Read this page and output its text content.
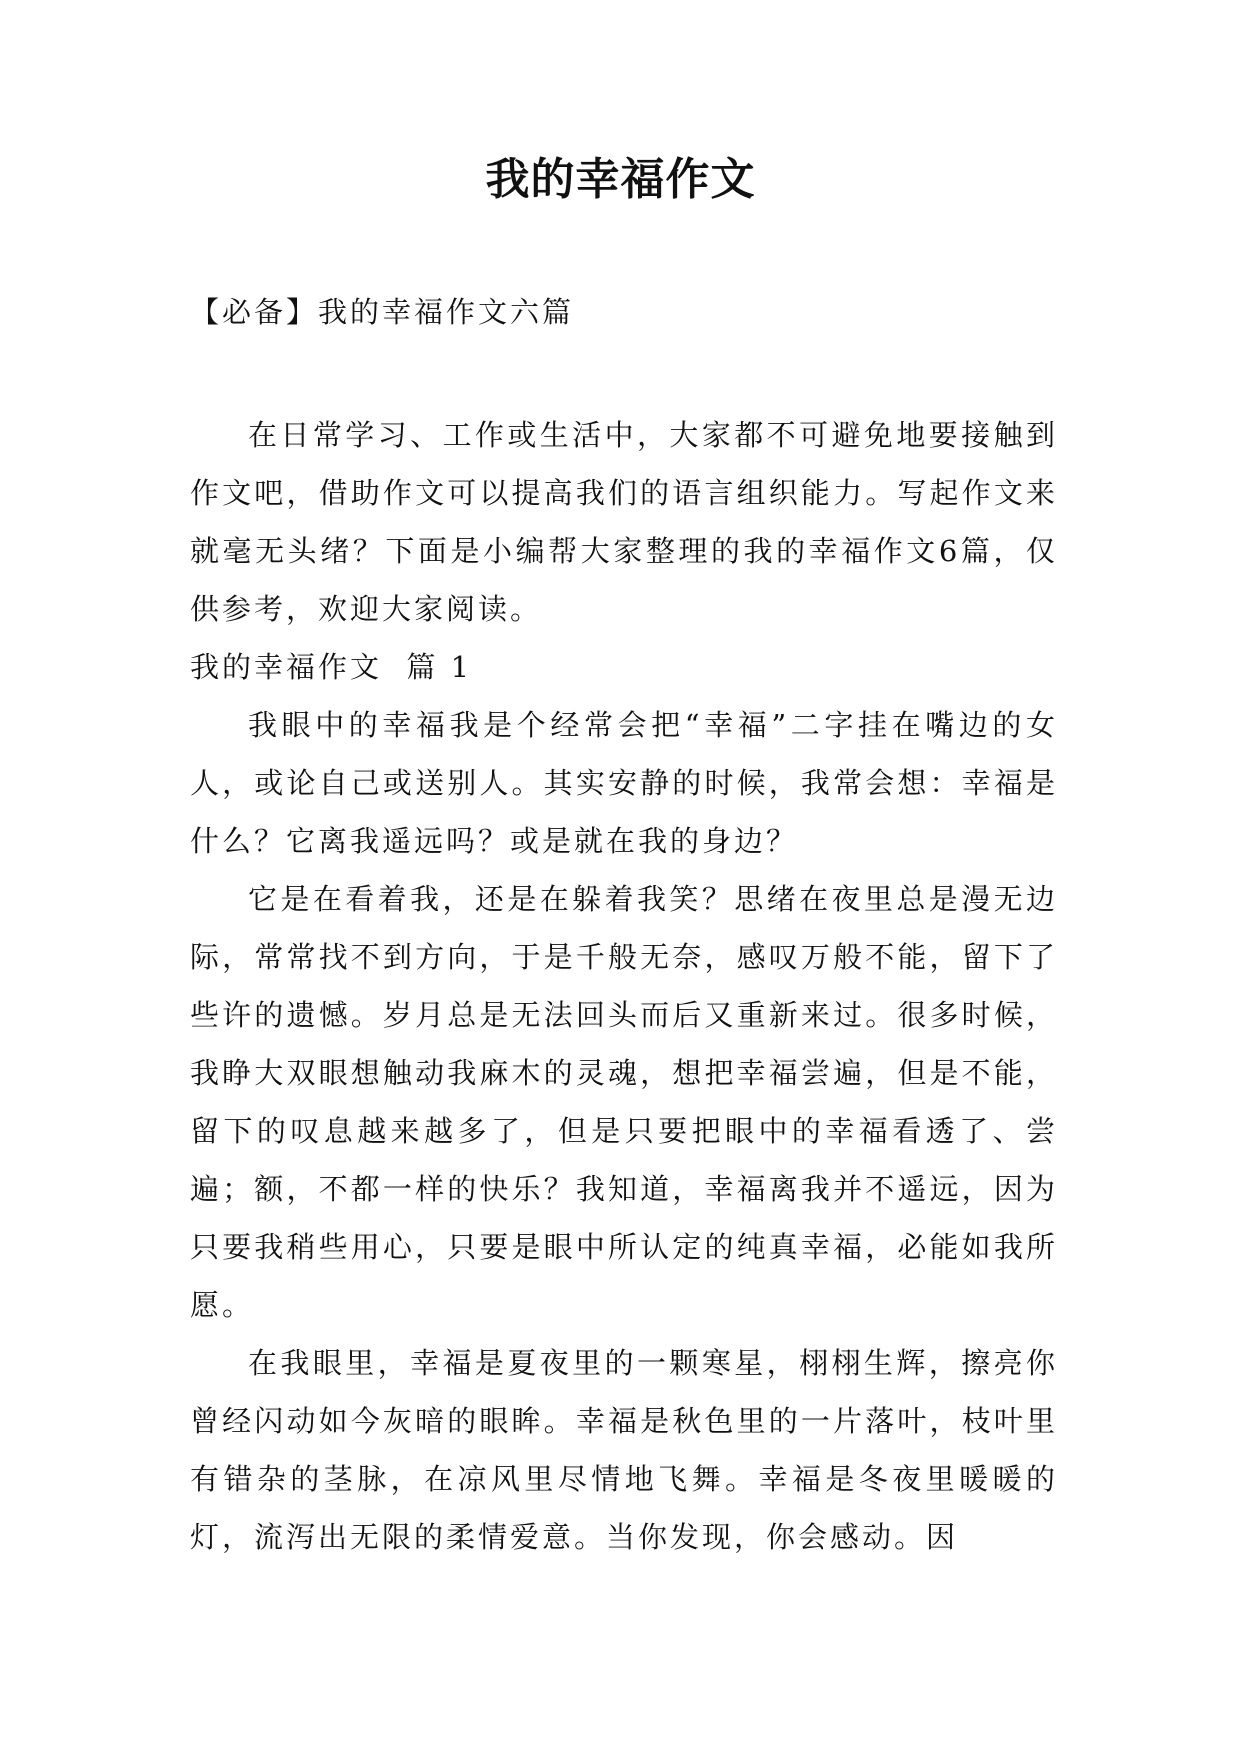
我的幸福作文
【必备】我的幸福作文六篇

在日常学习、工作或生活中，大家都不可避免地要接触到作文吧，借助作文可以提高我们的语言组织能力。写起作文来就毫无头绪？下面是小编帮大家整理的我的幸福作文6篇，仅供参考，欢迎大家阅读。

我的幸福作文  篇 1

我眼中的幸福我是个经常会把“幸福”二字挂在嘴边的女人，或论自己或送别人。其实安静的时候，我常会想：幸福是什么？它离我遥远吗？或是就在我的身边？

它是在看着我，还是在躲着我笑？思绪在夜里总是漫无边际，常常找不到方向，于是千般无奈，感叹万般不能，留下了些许的遗憾。岁月总是无法回头而后又重新来过。很多时候，我睁大双眼想触动我麻木的灵魂，想把幸福尝遍，但是不能，留下的叹息越来越多了，但是只要把眼中的幸福看透了、尝遍；额，不都一样的快乐？我知道，幸福离我并不遥远，因为只要我稍些用心，只要是眼中所认定的纯真幸福，必能如我所愿。

在我眼里，幸福是夏夜里的一颗寒星，栩栩生辉，擦亮你曾经闪动如今灰暗的眼眸。幸福是秋色里的一片落叶，枝叶里有错杂的茎脉，在凉风里尽情地飞舞。幸福是冬夜里暖暖的灯，流泻出无限的柔情爱意。当你发现，你会感动。因
